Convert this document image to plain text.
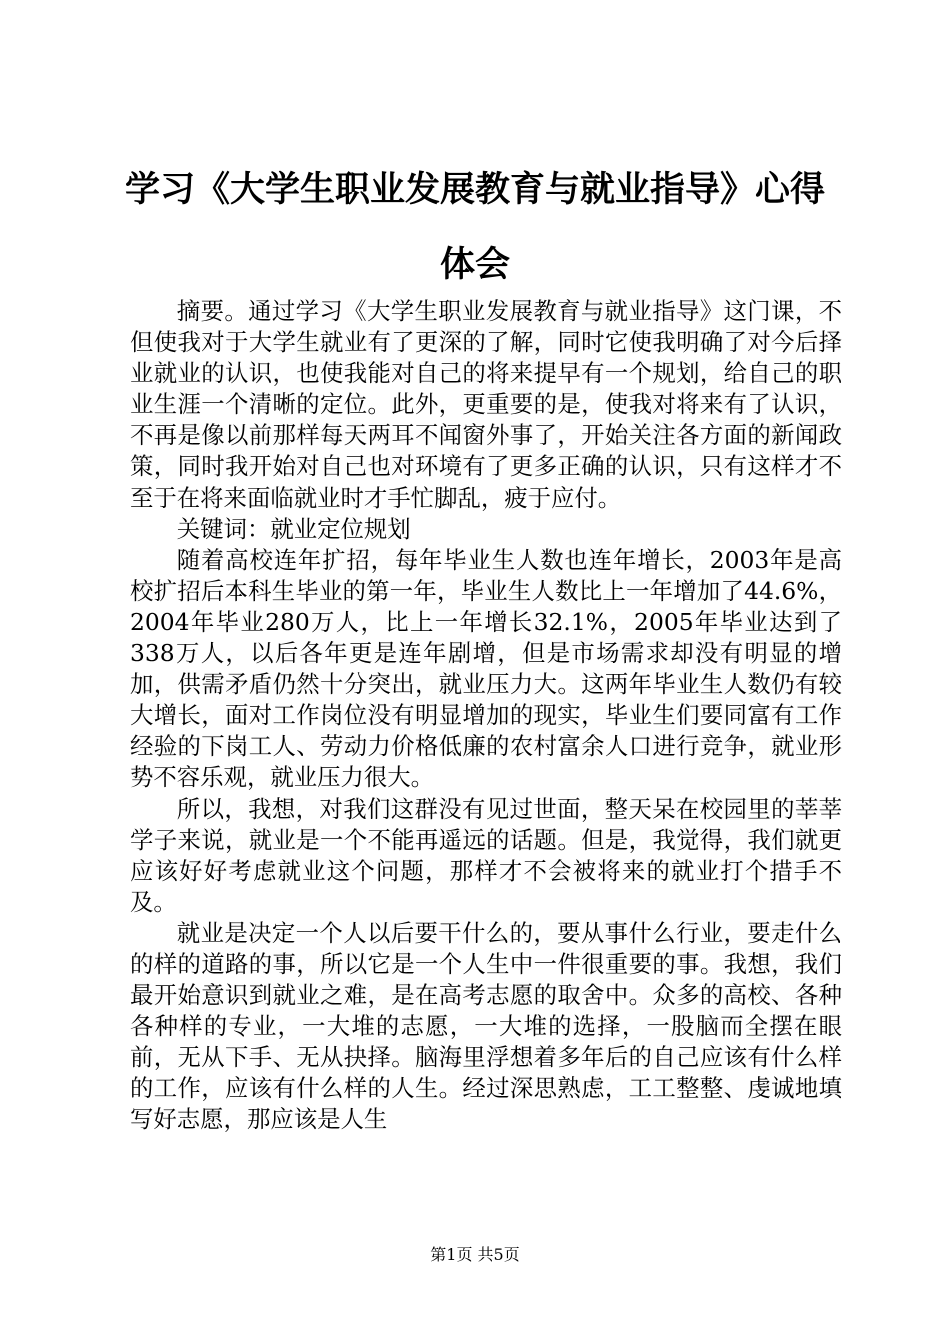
学习《大学生职业发展教育与就业指导》心得
体会

摘要。通过学习《大学生职业发展教育与就业指导》这门课，不但使我对于大学生就业有了更深的了解，同时它使我明确了对今后择业就业的认识，也使我能对自己的将来提早有一个规划，给自己的职业生涯一个清晰的定位。此外，更重要的是，使我对将来有了认识，不再是像以前那样每天两耳不闻窗外事了，开始关注各方面的新闻政策，同时我开始对自己也对环境有了更多正确的认识，只有这样才不至于在将来面临就业时才手忙脚乱，疲于应付。

关键词：就业定位规划

随着高校连年扩招，每年毕业生人数也连年增长，2003年是高校扩招后本科生毕业的第一年，毕业生人数比上一年增加了44.6%，2004年毕业280万人，比上一年增长32.1%，2005年毕业达到了338万人，以后各年更是连年剧增，但是市场需求却没有明显的增加，供需矛盾仍然十分突出，就业压力大。这两年毕业生人数仍有较大增长，面对工作岗位没有明显增加的现实，毕业生们要同富有工作经验的下岗工人、劳动力价格低廉的农村富余人口进行竞争，就业形势不容乐观，就业压力很大。

所以，我想，对我们这群没有见过世面，整天呆在校园里的莘莘学子来说，就业是一个不能再遥远的话题。但是，我觉得，我们就更应该好好考虑就业这个问题，那样才不会被将来的就业打个措手不及。

就业是决定一个人以后要干什么的，要从事什么行业，要走什么的样的道路的事，所以它是一个人生中一件很重要的事。我想，我们最开始意识到就业之难，是在高考志愿的取舍中。众多的高校、各种各种样的专业，一大堆的志愿，一大堆的选择，一股脑而全摆在眼前，无从下手、无从抉择。脑海里浮想着多年后的自己应该有什么样的工作，应该有什么样的人生。经过深思熟虑，工工整整、虔诚地填写好志愿，那应该是人生

第1页 共5页
